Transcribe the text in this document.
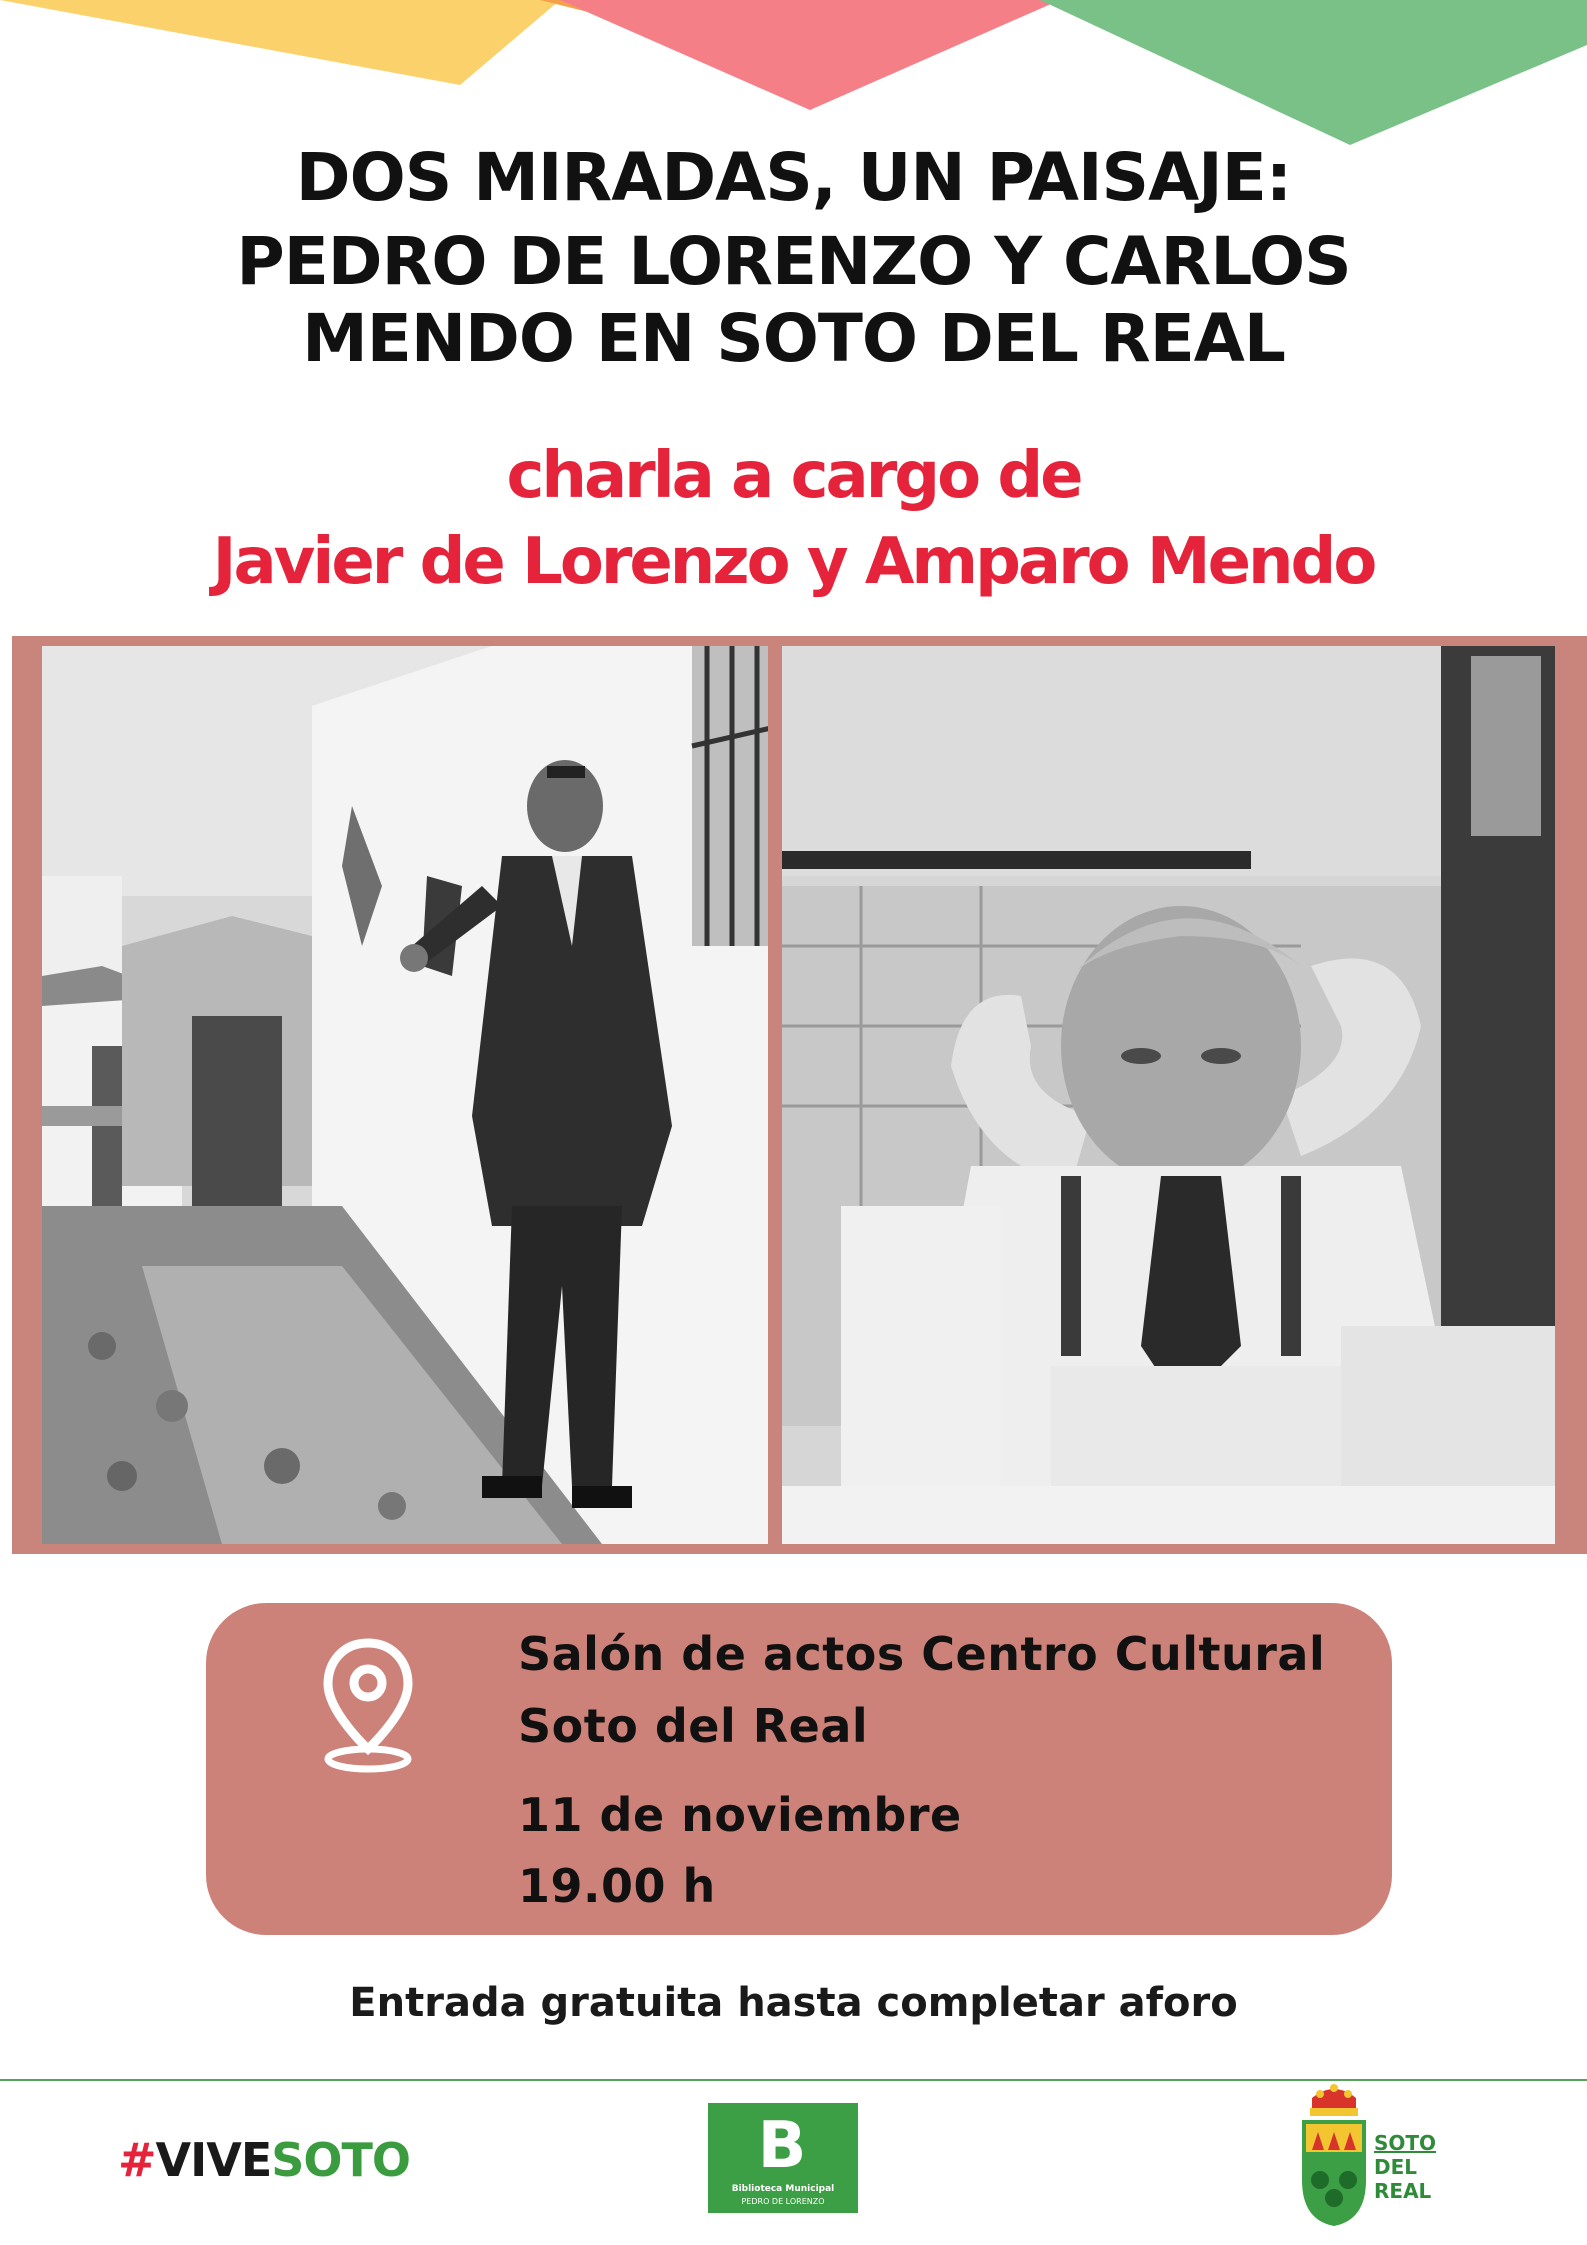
DOS MIRADAS, UN PAISAJE:
PEDRO DE LORENZO Y CARLOS
MENDO EN SOTO DEL REAL
charla a cargo de
Javier de Lorenzo y Amparo Mendo
Salón de actos Centro Cultural
Soto del Real
11 de noviembre
19.00 h
Entrada gratuita hasta completar aforo
#VIVESOTO	B
Biblioteca Municipal
PEDRO DE LORENZO
SOTO
DEL
REAL
